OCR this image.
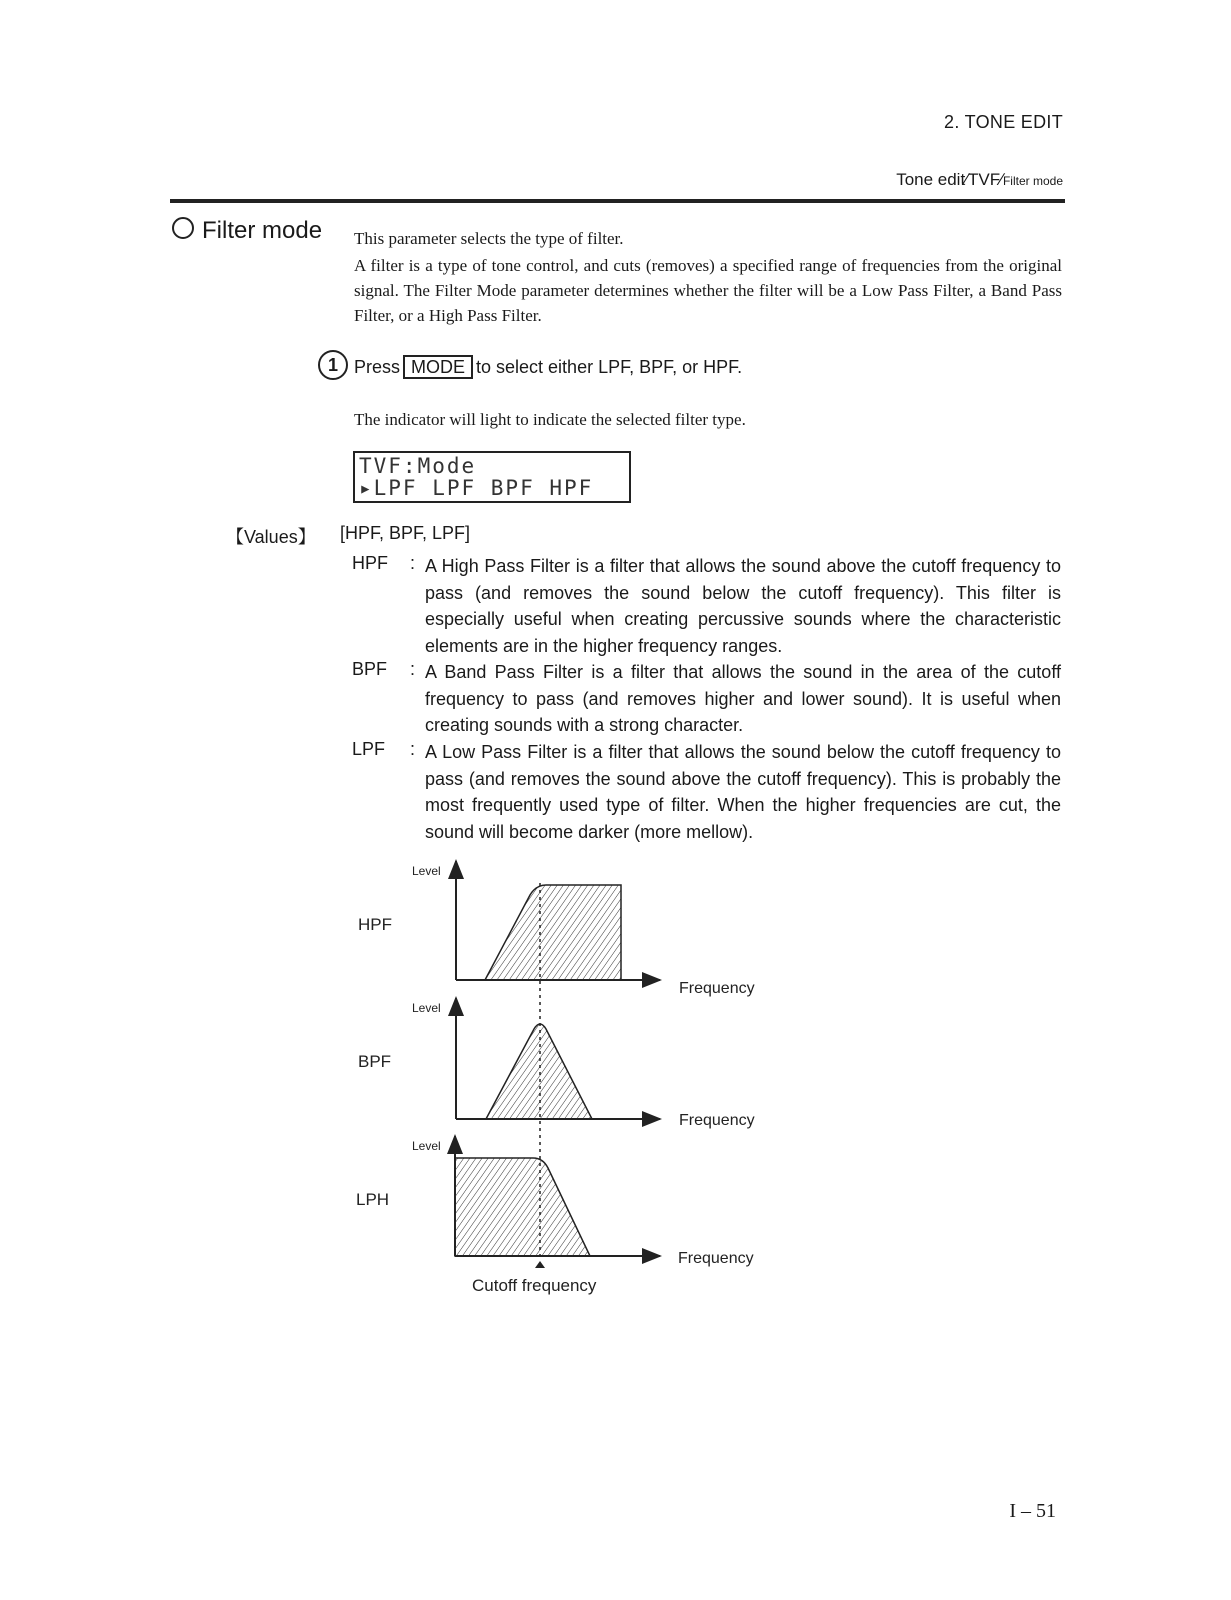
2. TONE EDIT
Tone edit∕TVF∕Filter mode
Filter mode This parameter selects the type of filter.
A filter is a type of tone control, and cuts (removes) a specified range of frequencies from the original signal. The Filter Mode parameter determines whether the filter will be a Low Pass Filter, a Band Pass Filter, or a High Pass Filter.
1 Press MODE to select either LPF, BPF, or HPF.
The indicator will light to indicate the selected filter type.
TVF:Mode
▸LPF LPF BPF HPF
【Values】 [HPF, BPF, LPF]
HPF : A High Pass Filter is a filter that allows the sound above the cutoff frequency to pass (and removes the sound below the cutoff frequency). This filter is especially useful when creating percussive sounds where the characteristic elements are in the higher frequency ranges.
BPF : A Band Pass Filter is a filter that allows the sound in the area of the cutoff frequency to pass (and removes higher and lower sound). It is useful when creating sounds with a strong character.
LPF : A Low Pass Filter is a filter that allows the sound below the cutoff frequency to pass (and removes the sound above the cutoff frequency). This is probably the most frequently used type of filter. When the higher frequencies are cut, the sound will become darker (more mellow).
HPF
Level
Frequency
BPF
Level
Frequency
LPH
Level
Frequency
Cutoff frequency
I – 51
